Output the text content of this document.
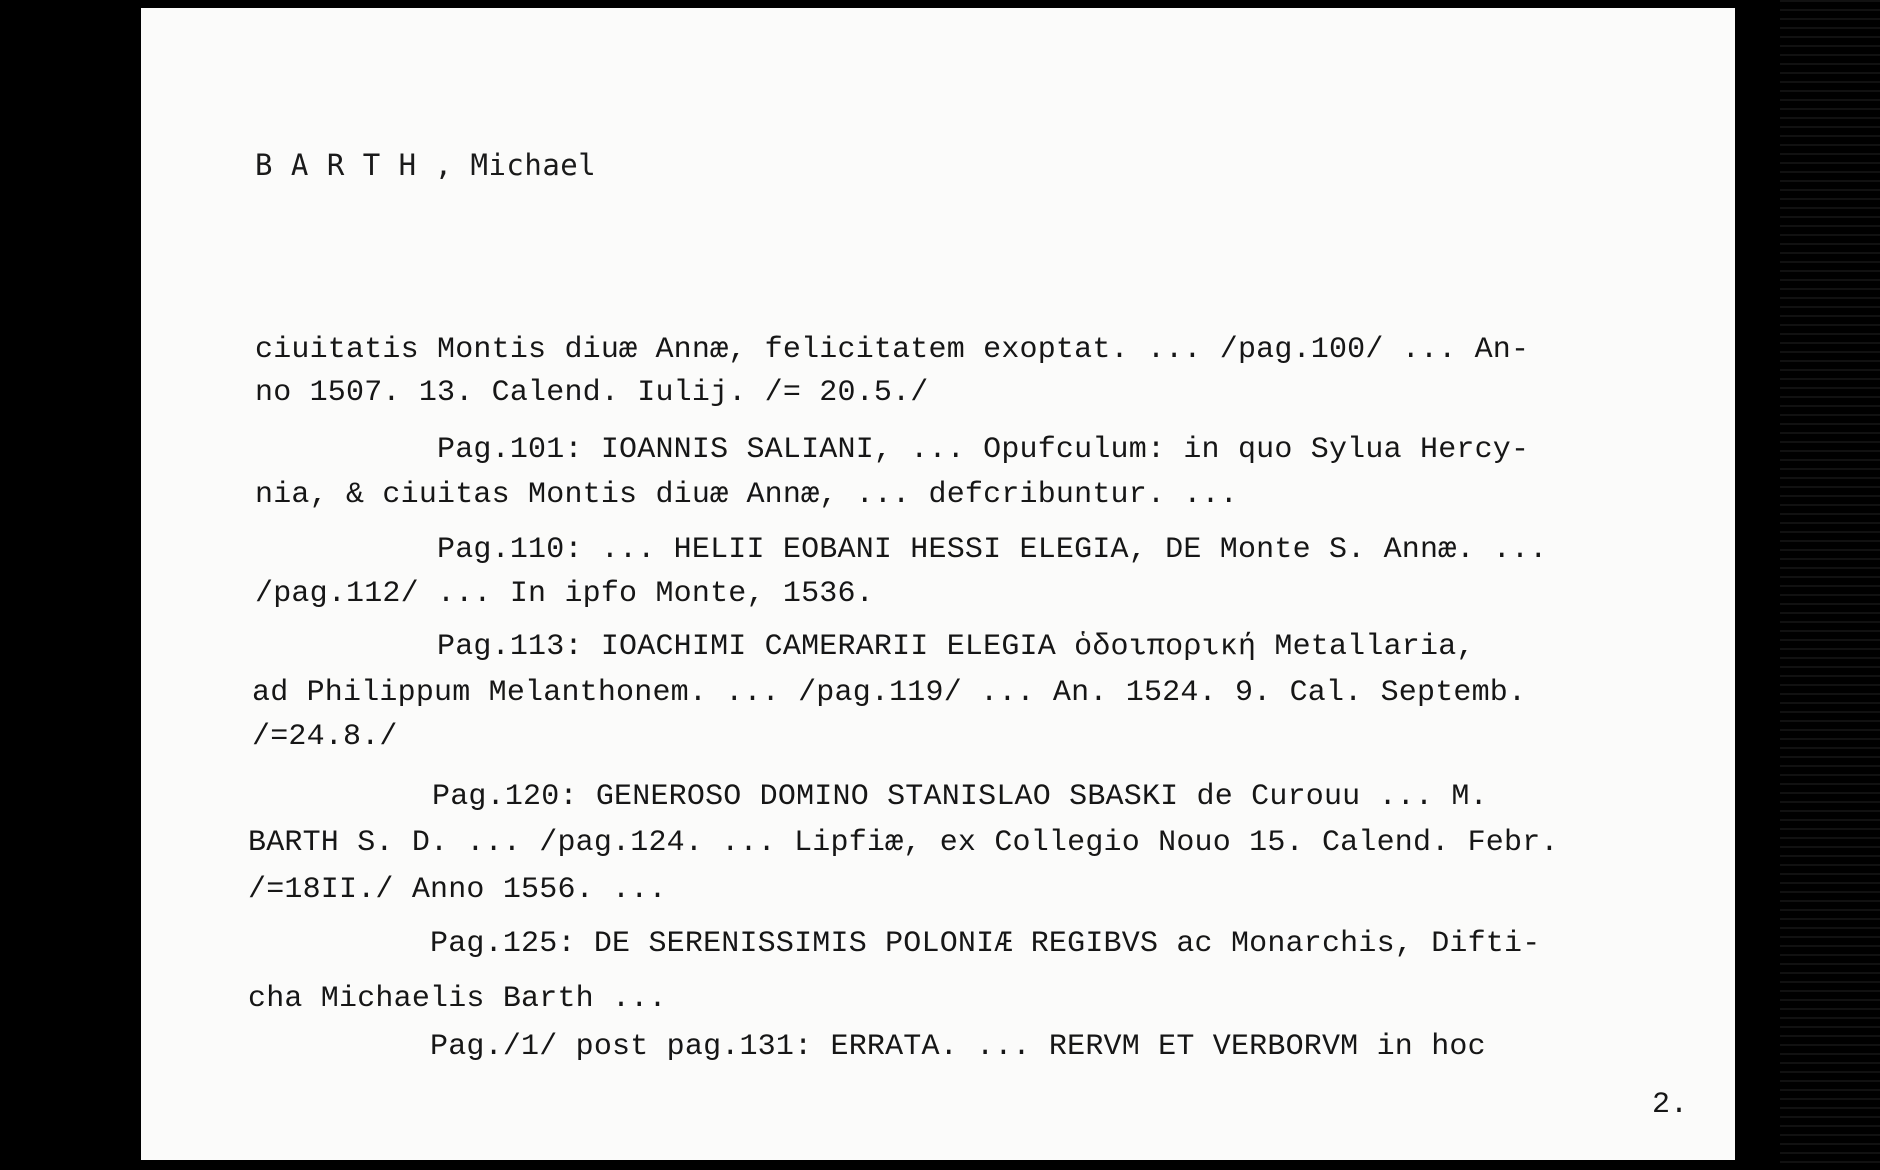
B A R T H , Michael
ciuitatis Montis diuæ Annæ, felicitatem exoptat. ... /pag.100/ ... An-
no 1507. 13. Calend. Iulij. /= 20.5./
Pag.101: IOANNIS SALIANI, ... Opufculum: in quo Sylua Hercy-
nia, & ciuitas Montis diuæ Annæ, ... defcribuntur. ...
Pag.110: ... HELII EOBANI HESSI ELEGIA, DE Monte S. Annæ. ...
/pag.112/ ... In ipfo Monte, 1536.
Pag.113: IOACHIMI CAMERARII ELEGIA ὁδοιπορική Metallaria,
ad Philippum Melanthonem. ... /pag.119/ ... An. 1524. 9. Cal. Septemb.
/=24.8./
Pag.120: GENEROSO DOMINO STANISLAO SBASKI de Curouu ... M.
BARTH S. D. ... /pag.124. ... Lipfiæ, ex Collegio Nouo 15. Calend. Febr.
/=18II./ Anno 1556. ...
Pag.125: DE SERENISSIMIS POLONIÆ REGIBVS ac Monarchis, Difti-
cha Michaelis Barth ...
Pag./1/ post pag.131: ERRATA. ... RERVM ET VERBORVM in hoc
2.
